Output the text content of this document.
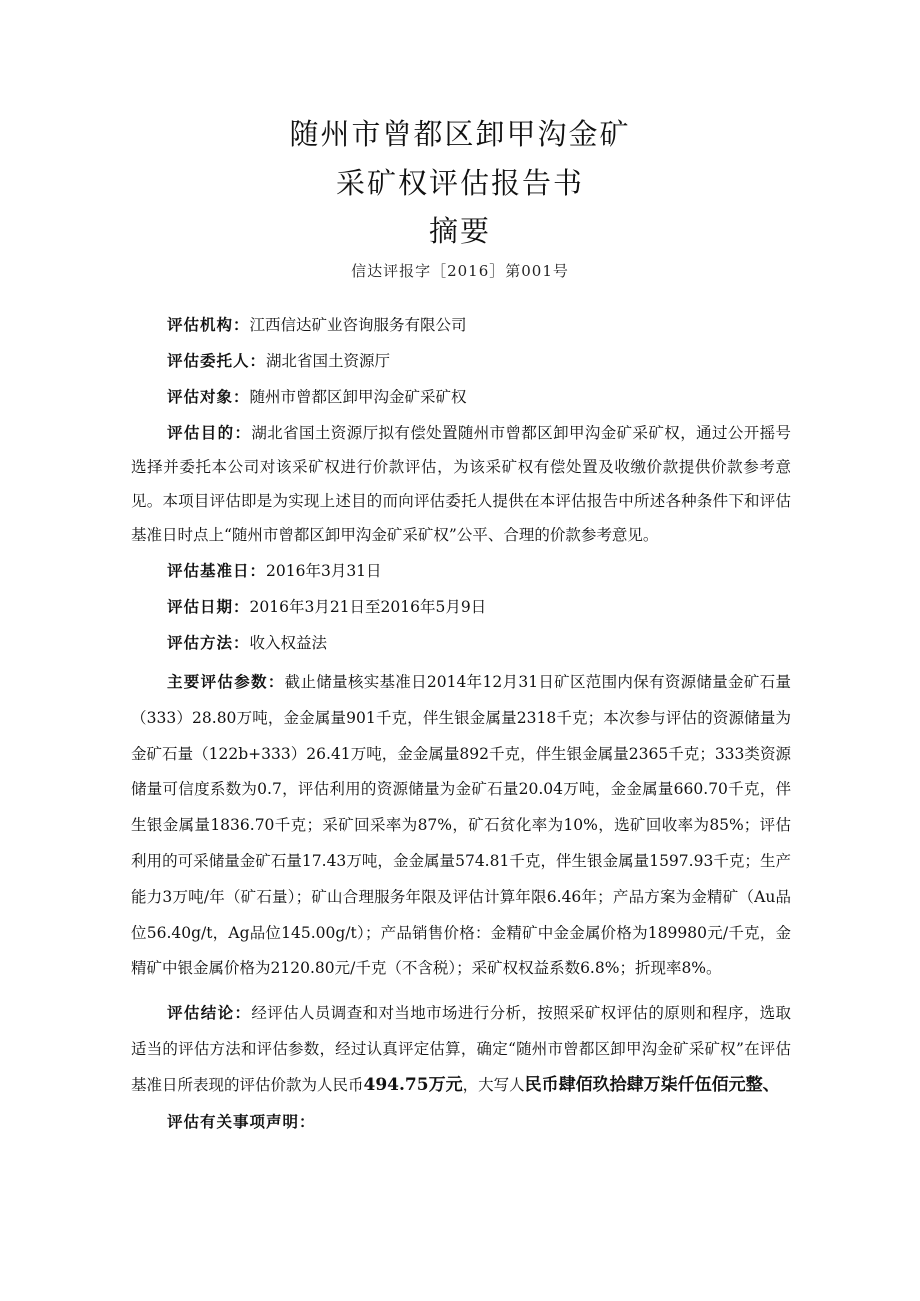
随州市曾都区卸甲沟金矿
采矿权评估报告书
摘要
信达评报字［2016］第001号

评估机构：江西信达矿业咨询服务有限公司

评估委托人：湖北省国土资源厅

评估对象：随州市曾都区卸甲沟金矿采矿权

评估目的：湖北省国土资源厅拟有偿处置随州市曾都区卸甲沟金矿采矿权，通过公开摇号选择并委托本公司对该采矿权进行价款评估，为该采矿权有偿处置及收缴价款提供价款参考意见。本项目评估即是为实现上述目的而向评估委托人提供在本评估报告中所述各种条件下和评估基准日时点上“随州市曾都区卸甲沟金矿采矿权”公平、合理的价款参考意见。

评估基准日：2016年3月31日

评估日期：2016年3月21日至2016年5月9日

评估方法：收入权益法

主要评估参数：截止储量核实基准日2014年12月31日矿区范围内保有资源储量金矿石量（333）28.80万吨，金金属量901千克，伴生银金属量2318千克；本次参与评估的资源储量为金矿石量（122b+333）26.41万吨，金金属量892千克，伴生银金属量2365千克；333类资源储量可信度系数为0.7，评估利用的资源储量为金矿石量20.04万吨，金金属量660.70千克，伴生银金属量1836.70千克；采矿回采率为87%，矿石贫化率为10%，选矿回收率为85%；评估利用的可采储量金矿石量17.43万吨，金金属量574.81千克，伴生银金属量1597.93千克；生产能力3万吨/年（矿石量）；矿山合理服务年限及评估计算年限6.46年；产品方案为金精矿（Au品位56.40g/t，Ag品位145.00g/t）；产品销售价格：金精矿中金金属价格为189980元/千克，金精矿中银金属价格为2120.80元/千克（不含税）；采矿权权益系数6.8%；折现率8%。

评估结论：经评估人员调查和对当地市场进行分析，按照采矿权评估的原则和程序，选取适当的评估方法和评估参数，经过认真评定估算，确定“随州市曾都区卸甲沟金矿采矿权”在评估基准日所表现的评估价款为人民币494.75万元，大写人民币肆佰玖拾肆万柒仟伍佰元整、

评估有关事项声明：
